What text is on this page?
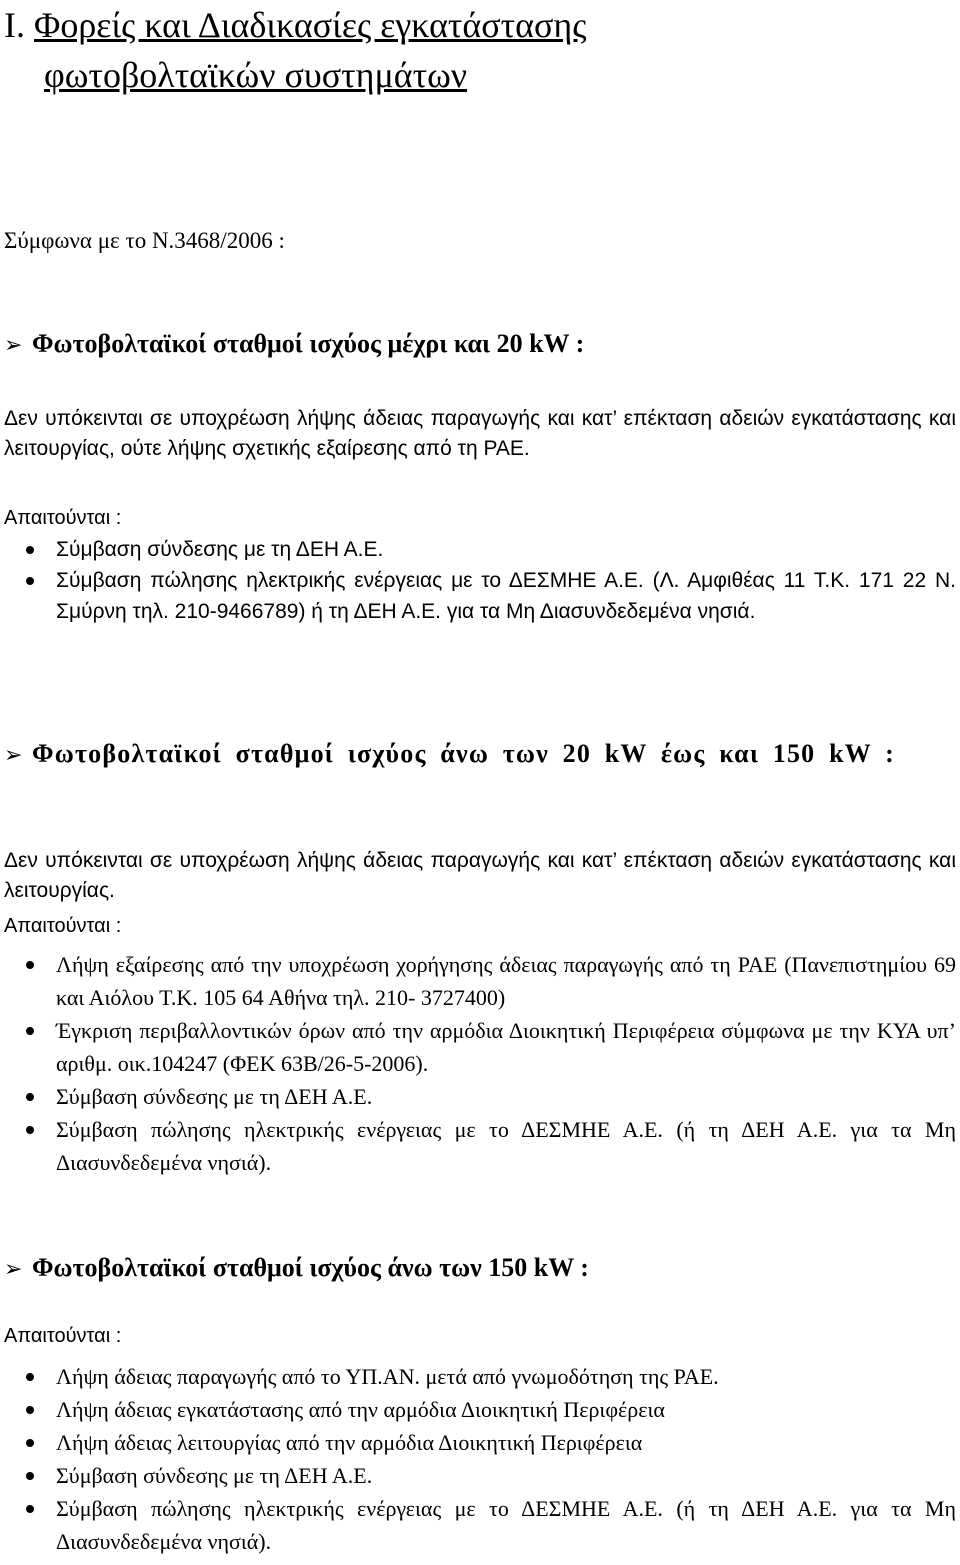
Ι. Φορείς και Διαδικασίες εγκατάστασης
φωτοβολταϊκών συστημάτων
Σύμφωνα με το Ν.3468/2006 :
➢ Φωτοβολταϊκοί σταθμοί ισχύος μέχρι και 20 kW :
Δεν υπόκεινται σε υποχρέωση λήψης άδειας παραγωγής και κατ’ επέκταση αδειών εγκατάστασης και λειτουργίας, ούτε λήψης σχετικής εξαίρεσης από τη ΡΑΕ.
Απαιτούνται :
Σύμβαση σύνδεσης με τη ΔΕΗ Α.Ε.
Σύμβαση πώλησης ηλεκτρικής ενέργειας με το ΔΕΣΜΗΕ Α.Ε. (Λ. Αμφιθέας 11 Τ.Κ. 171 22 Ν. Σμύρνη τηλ. 210-9466789) ή τη ΔΕΗ Α.Ε. για τα Μη Διασυνδεδεμένα νησιά.
➢ Φωτοβολταϊκοί σταθμοί ισχύος άνω των 20 kW έως και 150 kW :
Δεν υπόκεινται σε υποχρέωση λήψης άδειας παραγωγής και κατ’ επέκταση αδειών εγκατάστασης και λειτουργίας.
Απαιτούνται :
Λήψη εξαίρεσης από την υποχρέωση χορήγησης άδειας παραγωγής από τη ΡΑΕ (Πανεπιστημίου 69 και Αιόλου Τ.Κ. 105 64 Αθήνα τηλ. 210- 3727400)
Έγκριση περιβαλλοντικών όρων από την αρμόδια Διοικητική Περιφέρεια σύμφωνα με την ΚΥΑ υπ’ αριθμ. οικ.104247 (ΦΕΚ 63Β/26-5-2006).
Σύμβαση σύνδεσης με τη ΔΕΗ Α.Ε.
Σύμβαση πώλησης ηλεκτρικής ενέργειας με το ΔΕΣΜΗΕ Α.Ε. (ή τη ΔΕΗ Α.Ε. για τα Μη Διασυνδεδεμένα νησιά).
➢ Φωτοβολταϊκοί σταθμοί ισχύος άνω των 150 kW :
Απαιτούνται :
Λήψη άδειας παραγωγής από το ΥΠ.ΑΝ. μετά από γνωμοδότηση της ΡΑΕ.
Λήψη άδειας εγκατάστασης από την αρμόδια Διοικητική Περιφέρεια
Λήψη άδειας λειτουργίας από την αρμόδια Διοικητική Περιφέρεια
Σύμβαση σύνδεσης με τη ΔΕΗ Α.Ε.
Σύμβαση πώλησης ηλεκτρικής ενέργειας με το ΔΕΣΜΗΕ Α.Ε. (ή τη ΔΕΗ Α.Ε. για τα Μη Διασυνδεδεμένα νησιά).
